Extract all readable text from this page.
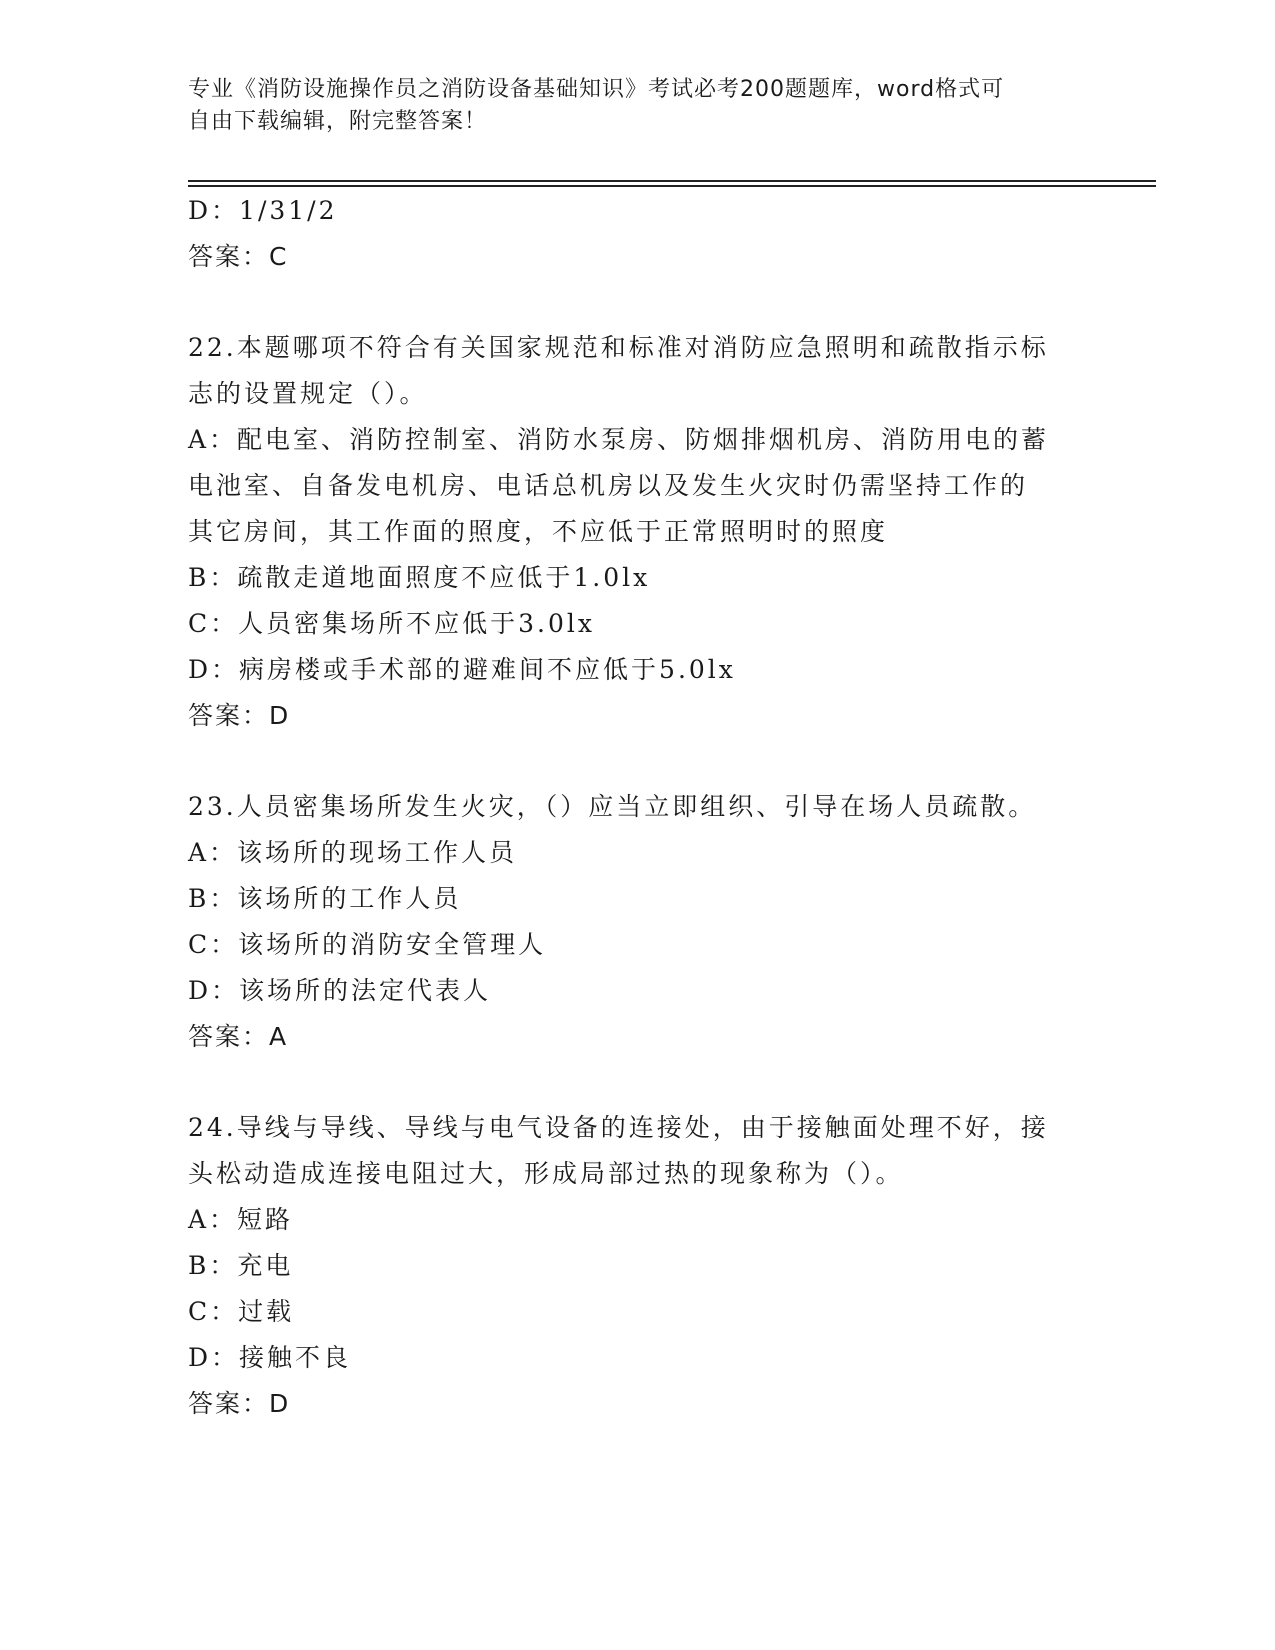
专业《消防设施操作员之消防设备基础知识》考试必考200题题库，word格式可
自由下载编辑，附完整答案！

D：1/31/2

答案：C

22.本题哪项不符合有关国家规范和标准对消防应急照明和疏散指示标

志的设置规定（）。

A：配电室、消防控制室、消防水泵房、防烟排烟机房、消防用电的蓄

电池室、自备发电机房、电话总机房以及发生火灾时仍需坚持工作的

其它房间，其工作面的照度，不应低于正常照明时的照度

B：疏散走道地面照度不应低于1.0lx

C：人员密集场所不应低于3.0lx

D：病房楼或手术部的避难间不应低于5.0lx

答案：D

23.人员密集场所发生火灾，（）应当立即组织、引导在场人员疏散。

A：该场所的现场工作人员

B：该场所的工作人员

C：该场所的消防安全管理人

D：该场所的法定代表人

答案：A

24.导线与导线、导线与电气设备的连接处，由于接触面处理不好，接

头松动造成连接电阻过大，形成局部过热的现象称为（）。

A：短路

B：充电

C：过载

D：接触不良

答案：D
